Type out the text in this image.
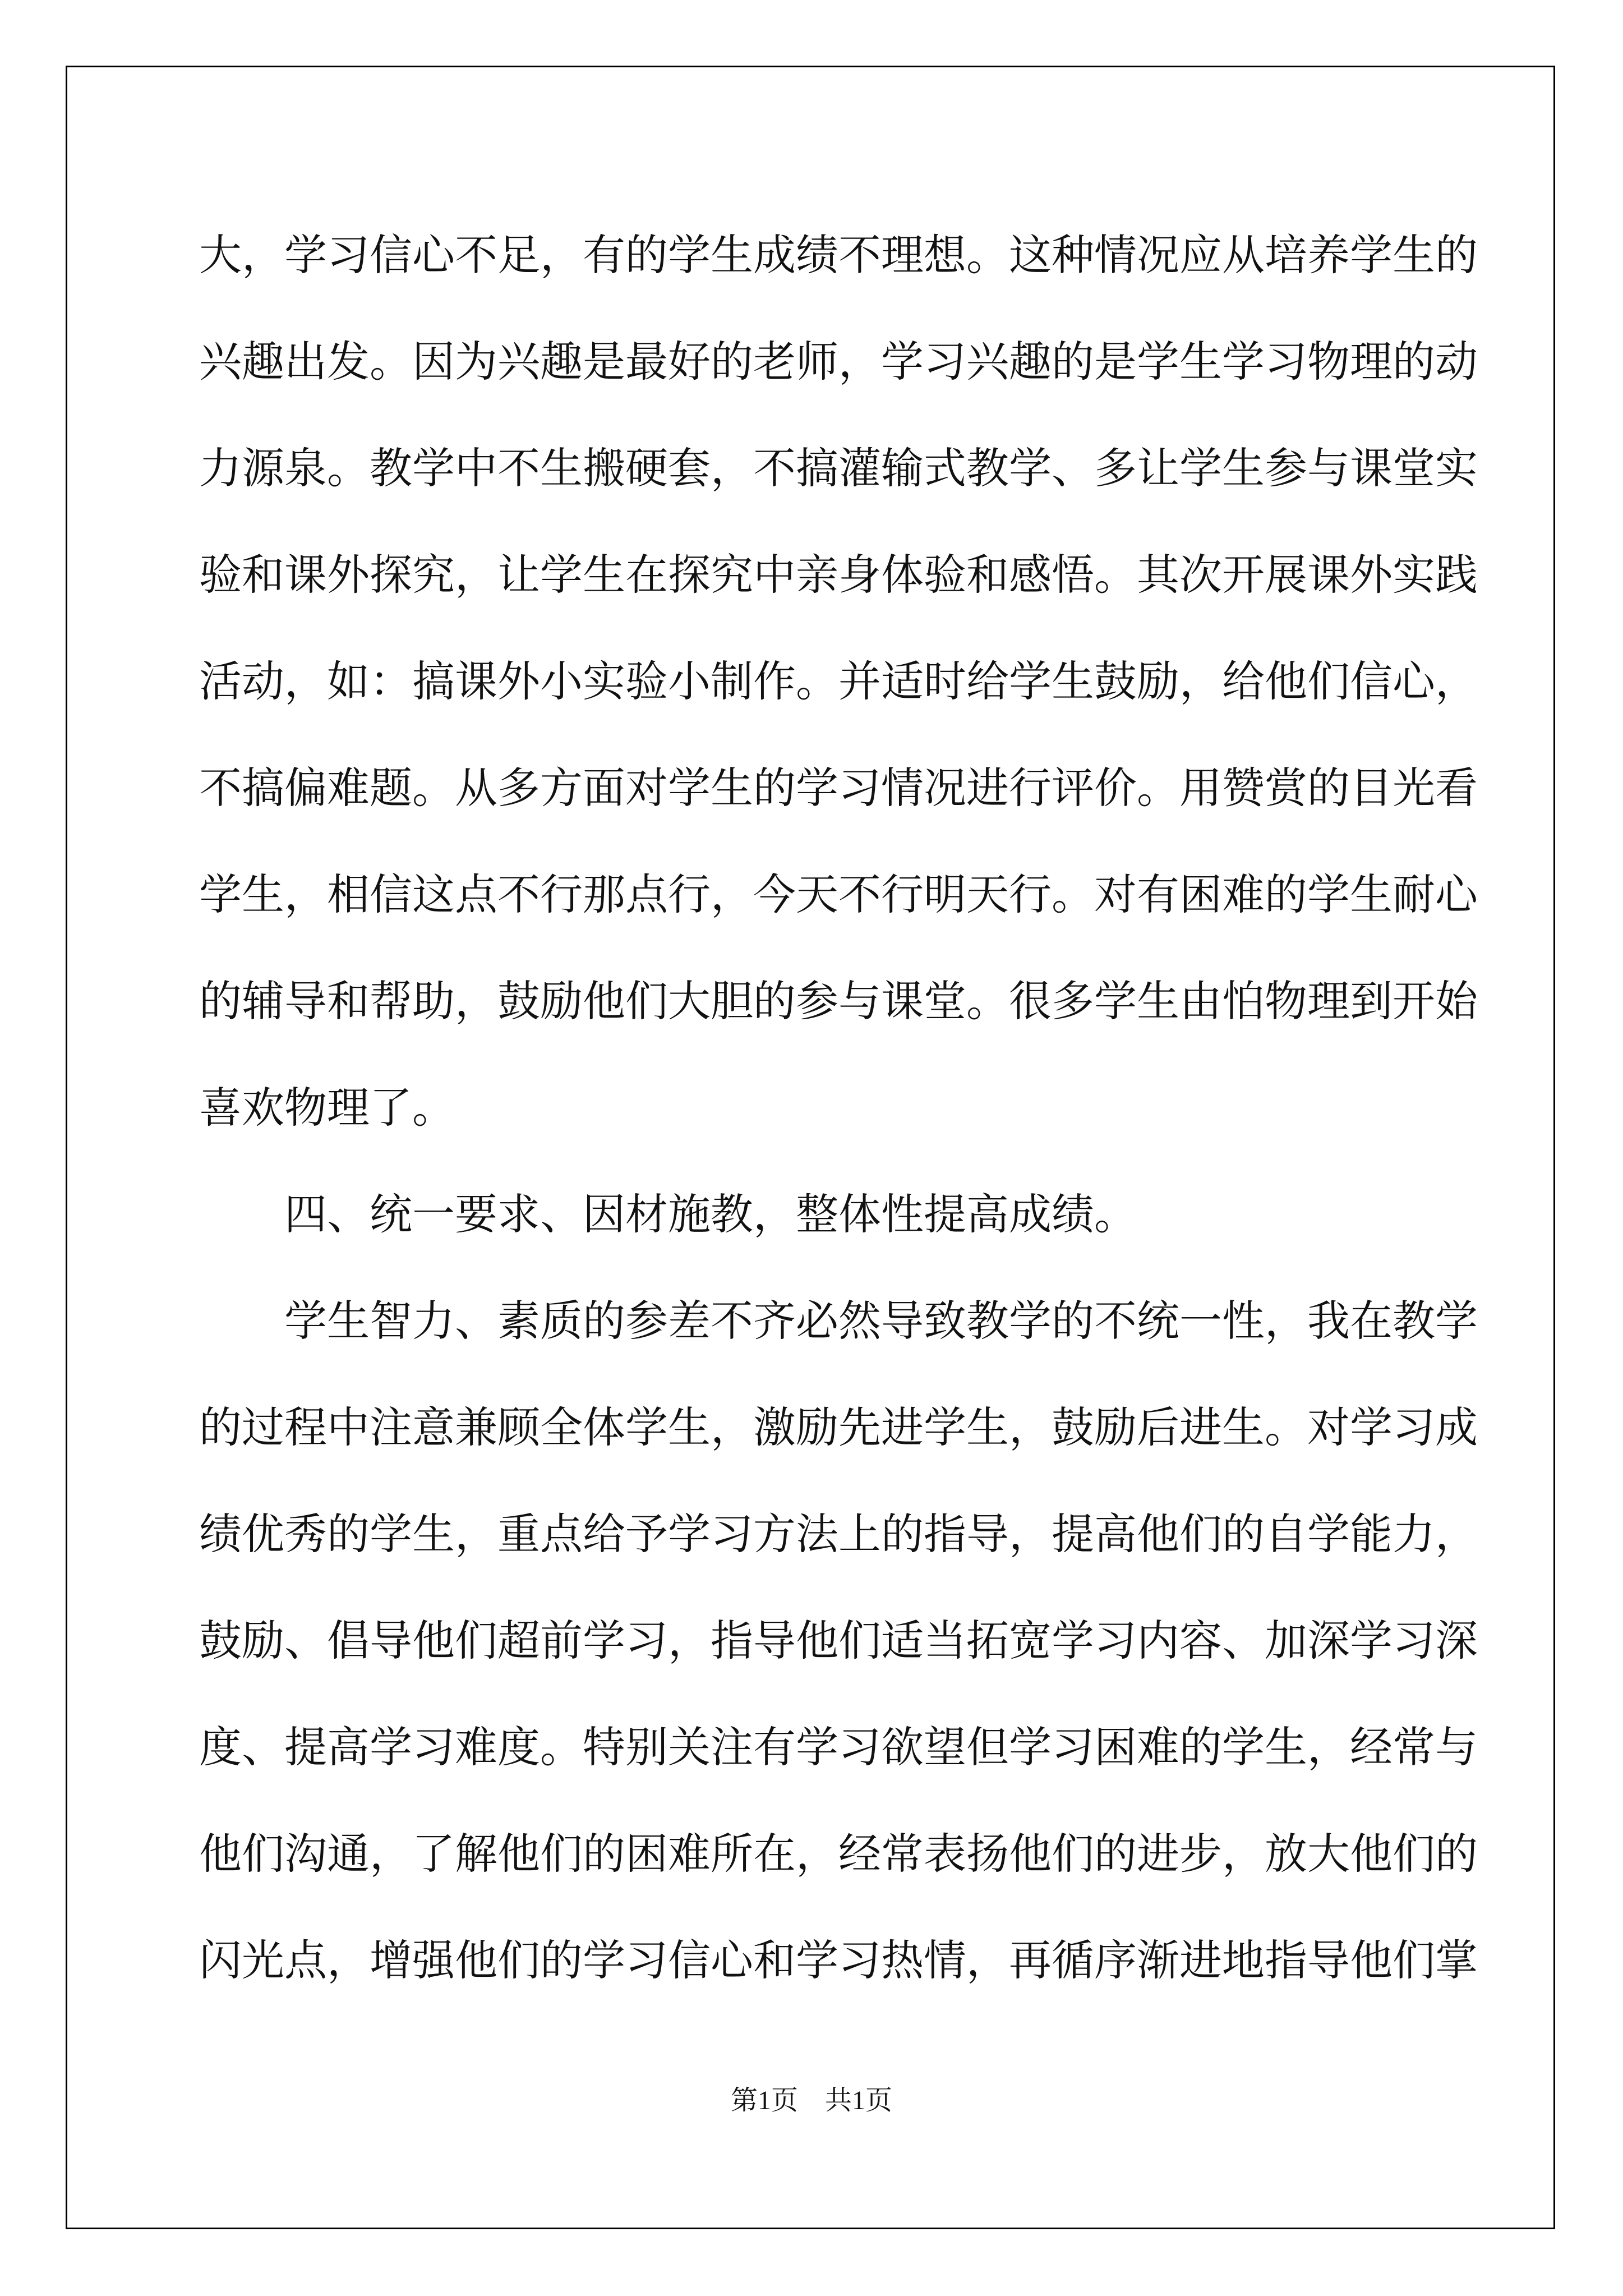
大，学习信心不足，有的学生成绩不理想。这种情况应从培养学生的
兴趣出发。因为兴趣是最好的老师，学习兴趣的是学生学习物理的动
力源泉。教学中不生搬硬套，不搞灌输式教学、多让学生参与课堂实
验和课外探究，让学生在探究中亲身体验和感悟。其次开展课外实践
活动，如：搞课外小实验小制作。并适时给学生鼓励，给他们信心，
不搞偏难题。从多方面对学生的学习情况进行评价。用赞赏的目光看
学生，相信这点不行那点行，今天不行明天行。对有困难的学生耐心
的辅导和帮助，鼓励他们大胆的参与课堂。很多学生由怕物理到开始
喜欢物理了。
四、统一要求、因材施教，整体性提高成绩。
学生智力、素质的参差不齐必然导致教学的不统一性，我在教学
的过程中注意兼顾全体学生，激励先进学生，鼓励后进生。对学习成
绩优秀的学生，重点给予学习方法上的指导，提高他们的自学能力，
鼓励、倡导他们超前学习，指导他们适当拓宽学习内容、加深学习深
度、提高学习难度。特别关注有学习欲望但学习困难的学生，经常与
他们沟通，了解他们的困难所在，经常表扬他们的进步，放大他们的
闪光点，增强他们的学习信心和学习热情，再循序渐进地指导他们掌
第1页    共1页
